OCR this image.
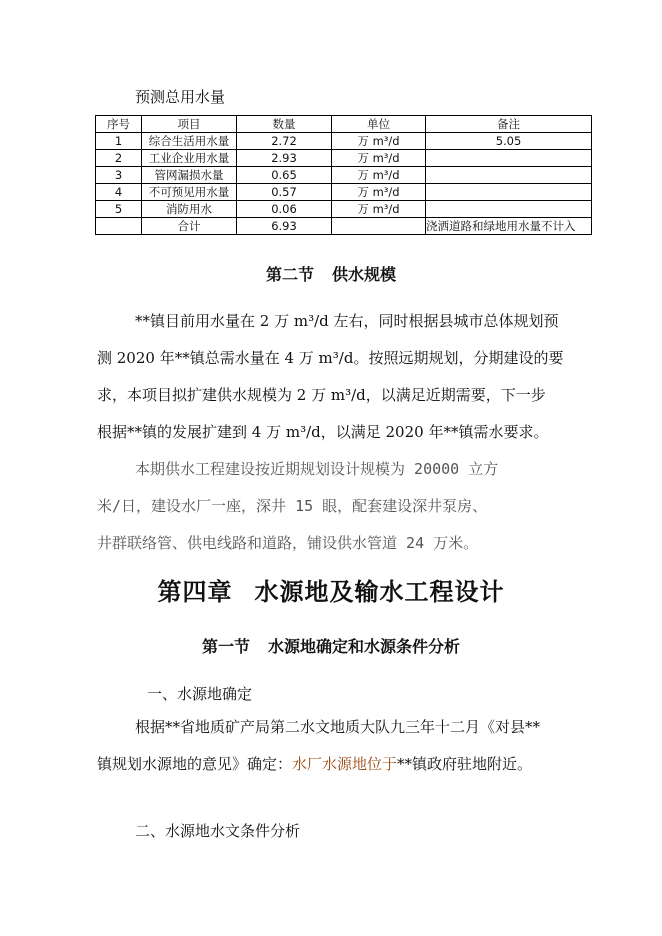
预测总用水量
序号	项目	数量	单位	备注
1	综合生活用水量	2.72	万 m³/d	5.05
2	工业企业用水量	2.93	万 m³/d	
3	管网漏损水量	0.65	万 m³/d	
4	不可预见用水量	0.57	万 m³/d	
5	消防用水	0.06	万 m³/d	
	合计	6.93		浇洒道路和绿地用水量不计入
第二节 供水规模

**镇目前用水量在 2 万 m³/d 左右，同时根据县城市总体规划预

测 2020 年**镇总需水量在 4 万 m³/d。按照远期规划，分期建设的要

求，本项目拟扩建供水规模为 2 万 m³/d，以满足近期需要，下一步

根据**镇的发展扩建到 4 万 m³/d，以满足 2020 年**镇需水要求。

本期供水工程建设按近期规划设计规模为 20000 立方

米/日，建设水厂一座，深井 15 眼，配套建设深井泵房、

井群联络管、供电线路和道路，铺设供水管道 24 万米。

第四章 水源地及输水工程设计
第一节 水源地确定和水源条件分析
一、水源地确定

根据**省地质矿产局第二水文地质大队九三年十二月《对县**

镇规划水源地的意见》确定：水厂水源地位于**镇政府驻地附近。

二、水源地水文条件分析
